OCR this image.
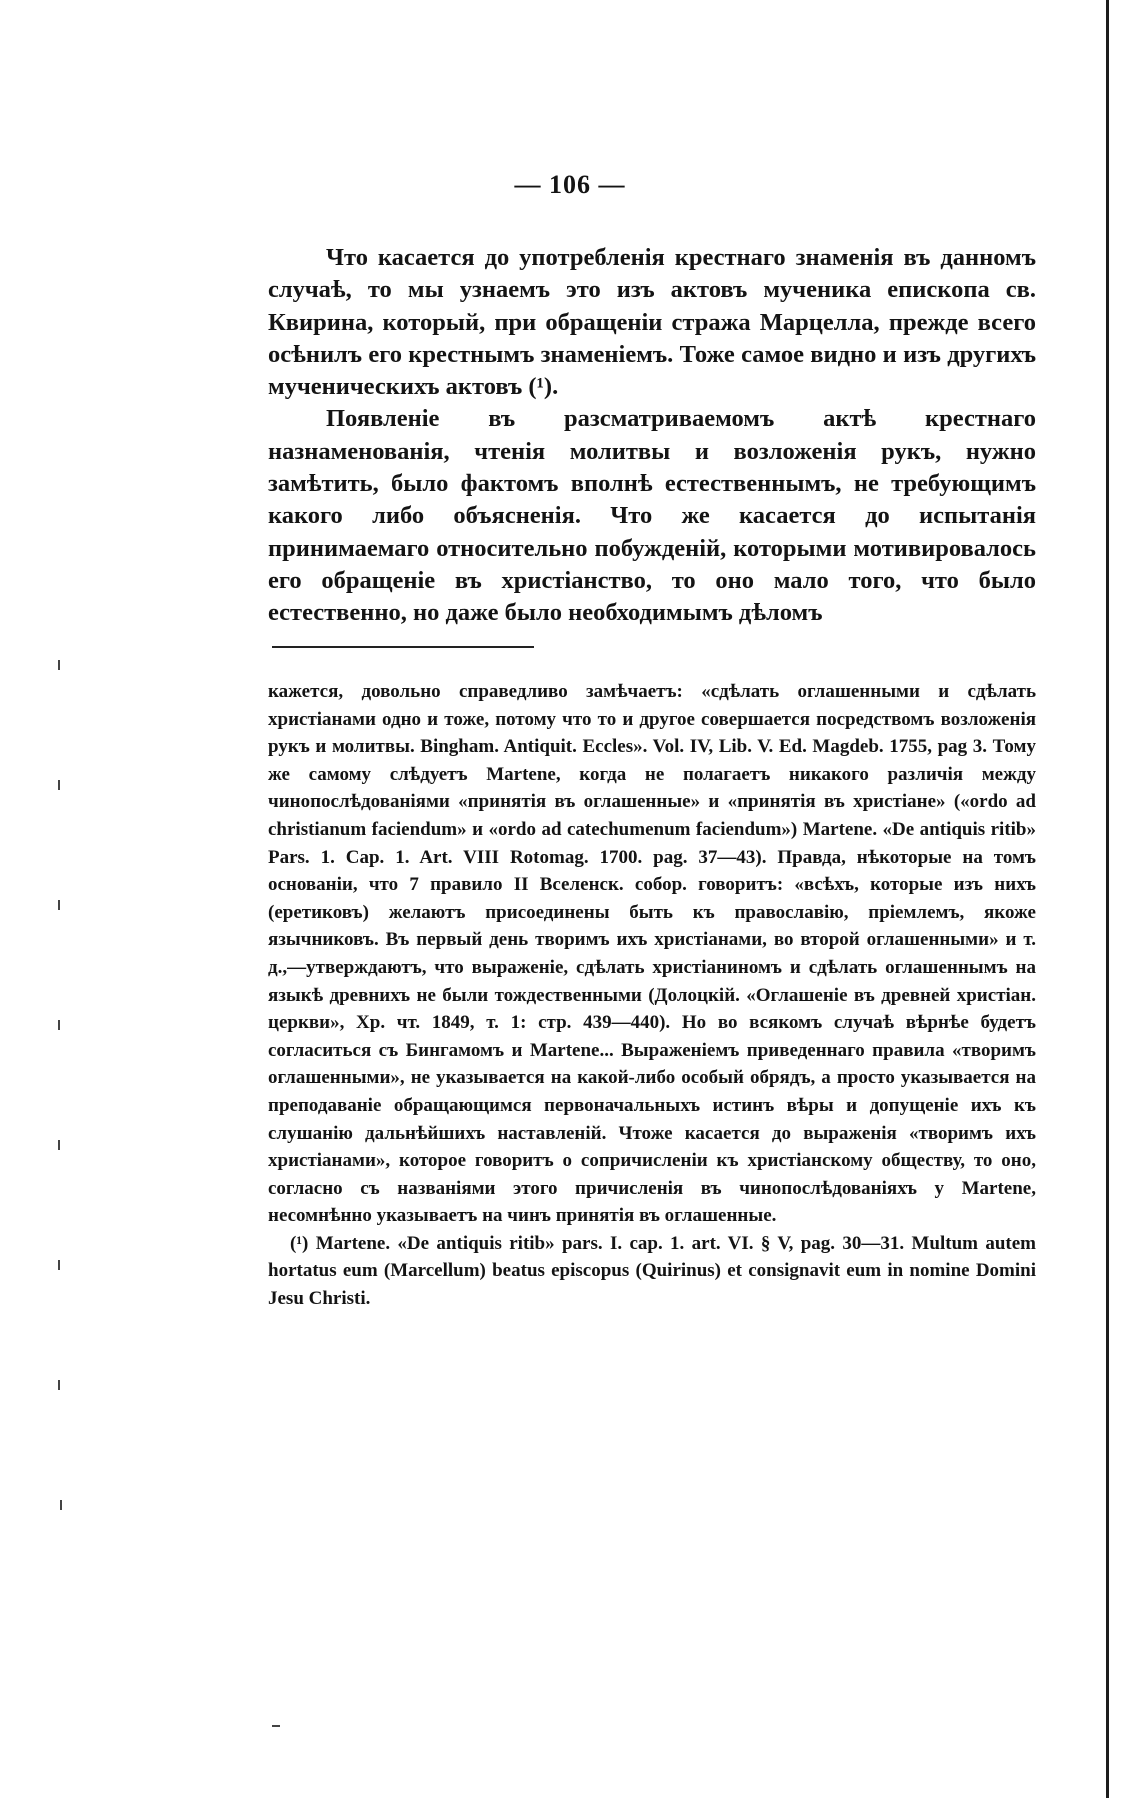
— 106 —

Что касается до употребленія крестнаго знаменія въ данномъ случаѣ, то мы узнаемъ это изъ актовъ мученика епископа св. Квирина, который, при обращеніи стража Марцелла, прежде всего осѣнилъ его крестнымъ знаменіемъ. Тоже самое видно и изъ другихъ мученическихъ актовъ (¹).

Появленіе въ разсматриваемомъ актѣ крестнаго назнаменованія, чтенія молитвы и возложенія рукъ, нужно замѣтить, было фактомъ вполнѣ естественнымъ, не требующимъ какого либо объясненія. Что же касается до испытанія принимаемаго относительно побужденій, которыми мотивировалось его обращеніе въ христіанство, то оно мало того, что было естественно, но даже было необходимымъ дѣломъ

кажется, довольно справедливо замѣчаетъ: «сдѣлать оглашенными и сдѣлать христіанами одно и тоже, потому что то и другое совершается посредствомъ возложенія рукъ и молитвы. Bingham. Antiquit. Eccles». Vol. IV, Lib. V. Ed. Magdeb. 1755, pag 3. Тому же самому слѣдуетъ Martene, когда не полагаетъ никакого различія между чинопослѣдованіями «принятія въ оглашенные» и «принятія въ христіане» («ordo ad christianum faciendum» и «ordo ad catechumenum faciendum») Martene. «De antiquis ritib» Pars. 1. Cap. 1. Art. VIII Rotomag. 1700. pag. 37—43). Правда, нѣкоторые на томъ основаніи, что 7 правило II Вселенск. собор. говоритъ: «всѣхъ, которые изъ нихъ (еретиковъ) желаютъ присоединены быть къ православію, пріемлемъ, якоже язычниковъ. Въ первый день творимъ ихъ христіанами, во второй оглашенными» и т. д.,—утверждаютъ, что выраженіе, сдѣлать христіаниномъ и сдѣлать оглашеннымъ на языкѣ древнихъ не были тождественными (Долоцкій. «Оглашеніе въ древней христіан. церкви», Хр. чт. 1849, т. 1: стр. 439—440). Но во всякомъ случаѣ вѣрнѣе будетъ согласиться съ Бингамомъ и Martene... Выраженіемъ приведеннаго правила «творимъ оглашенными», не указывается на какой-либо особый обрядъ, а просто указывается на преподаваніе обращающимся первоначальныхъ истинъ вѣры и допущеніе ихъ къ слушанію дальнѣйшихъ наставленій. Чтоже касается до выраженія «творимъ ихъ христіанами», которое говоритъ о сопричисленіи къ христіанскому обществу, то оно, согласно съ названіями этого причисленія въ чинопослѣдованіяхъ у Martene, несомнѣнно указываетъ на чинъ принятія въ оглашенные.

(¹) Martene. «De antiquis ritib» pars. I. cap. 1. art. VI. § V, pag. 30—31. Multum autem hortatus eum (Marcellum) beatus episcopus (Quirinus) et consignavit eum in nomine Domini Jesu Christi.
